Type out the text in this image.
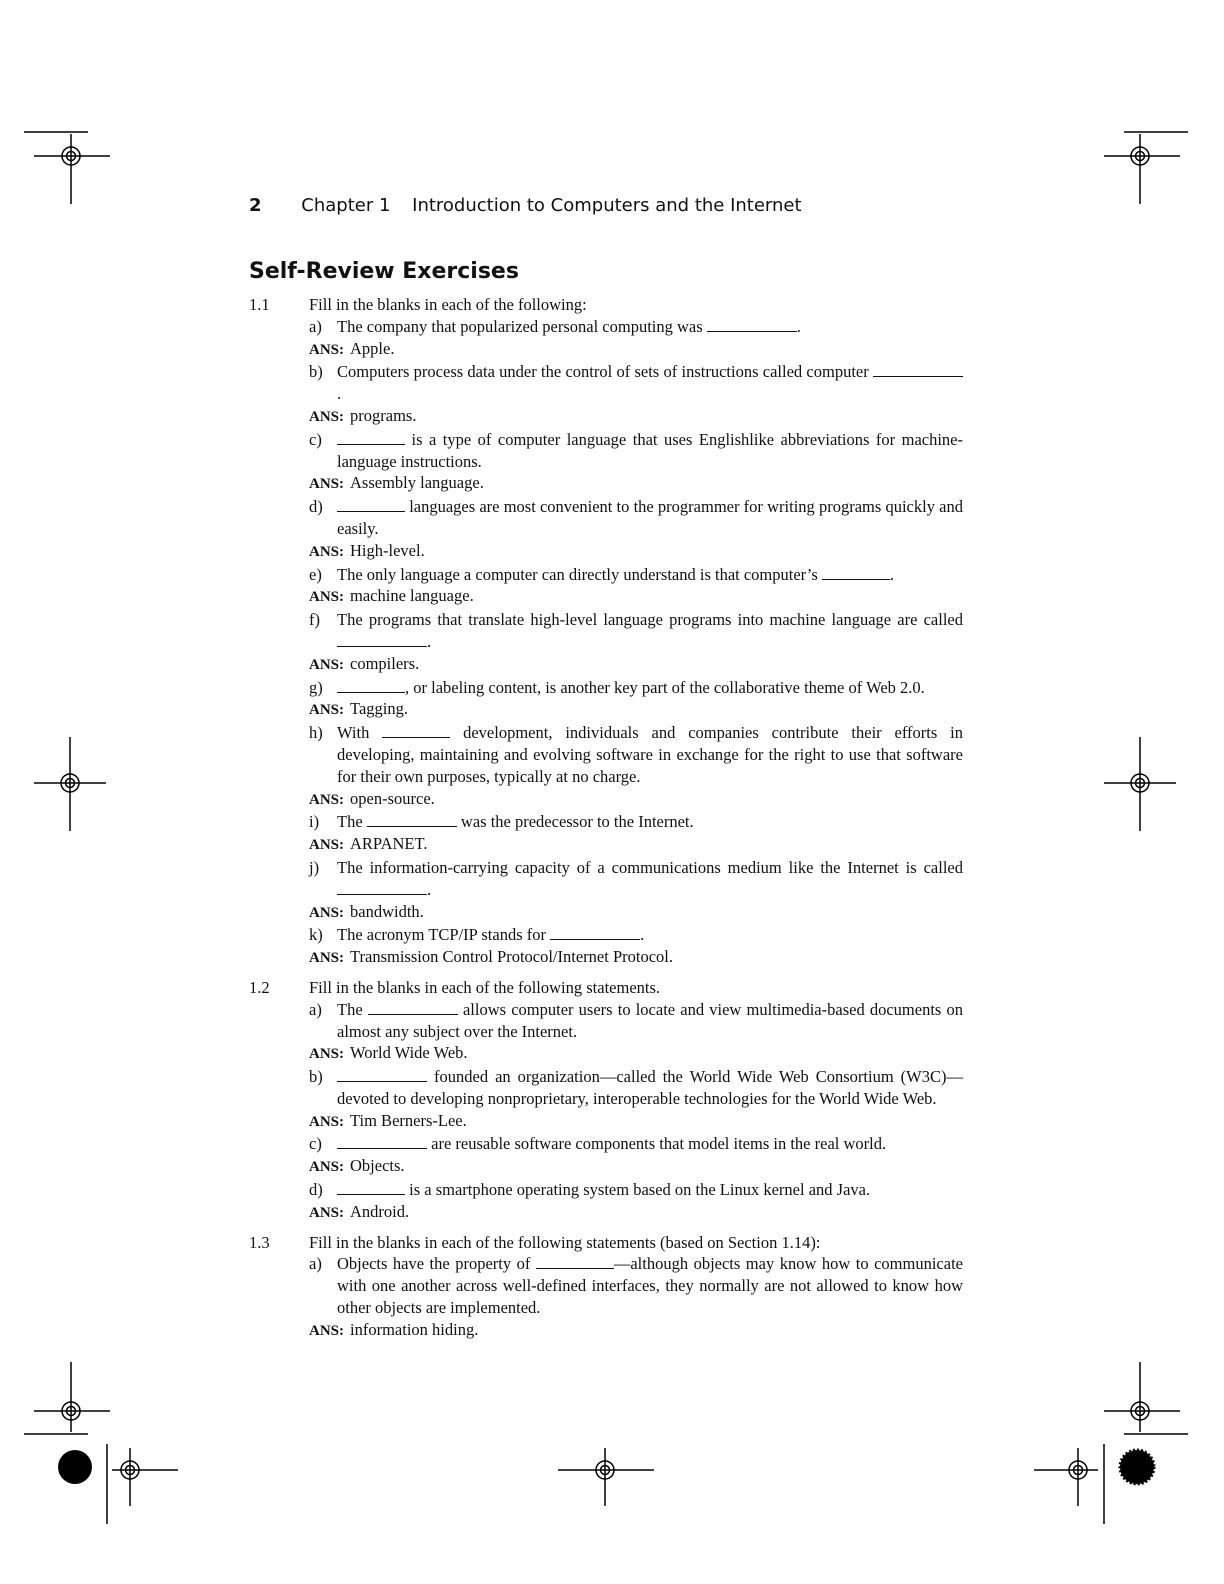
2 Chapter 1 Introduction to Computers and the Internet
Self-Review Exercises
1.1 Fill in the blanks in each of the following:
a) The company that popularized personal computing was	.
ANS: Apple.
b) Computers process data under the control of sets of instructions called computer .
ANS: programs.
c)	is a type of computer language that uses Englishlike abbreviations for machine-language instructions.
ANS: Assembly language.
d)	languages are most convenient to the programmer for writing programs quickly and easily.
ANS: High-level.
e) The only language a computer can directly understand is that computer’s	.
ANS: machine language.
f) The programs that translate high-level language programs into machine language are called .
ANS: compilers.
g)	, or labeling content, is another key part of the collaborative theme of Web 2.0.
ANS: Tagging.
h) With	development, individuals and companies contribute their efforts in developing, maintaining and evolving software in exchange for the right to use that software for their own purposes, typically at no charge.
ANS: open-source.
i) The	was the predecessor to the Internet.
ANS: ARPANET.
j) The information-carrying capacity of a communications medium like the Internet is called .
ANS: bandwidth.
k) The acronym TCP/IP stands for	.
ANS: Transmission Control Protocol/Internet Protocol.
1.2 Fill in the blanks in each of the following statements.
a) The	allows computer users to locate and view multimedia-based documents on almost any subject over the Internet.
ANS: World Wide Web.
b)	founded an organization—called the World Wide Web Consortium (W3C)—devoted to developing nonproprietary, interoperable technologies for the World Wide Web.
ANS: Tim Berners-Lee.
c)	are reusable software components that model items in the real world.
ANS: Objects.
d)	is a smartphone operating system based on the Linux kernel and Java.
ANS: Android.
1.3 Fill in the blanks in each of the following statements (based on Section 1.14):
a) Objects have the property of	—although objects may know how to communicate with one another across well-defined interfaces, they normally are not allowed to know how other objects are implemented.
ANS: information hiding.
